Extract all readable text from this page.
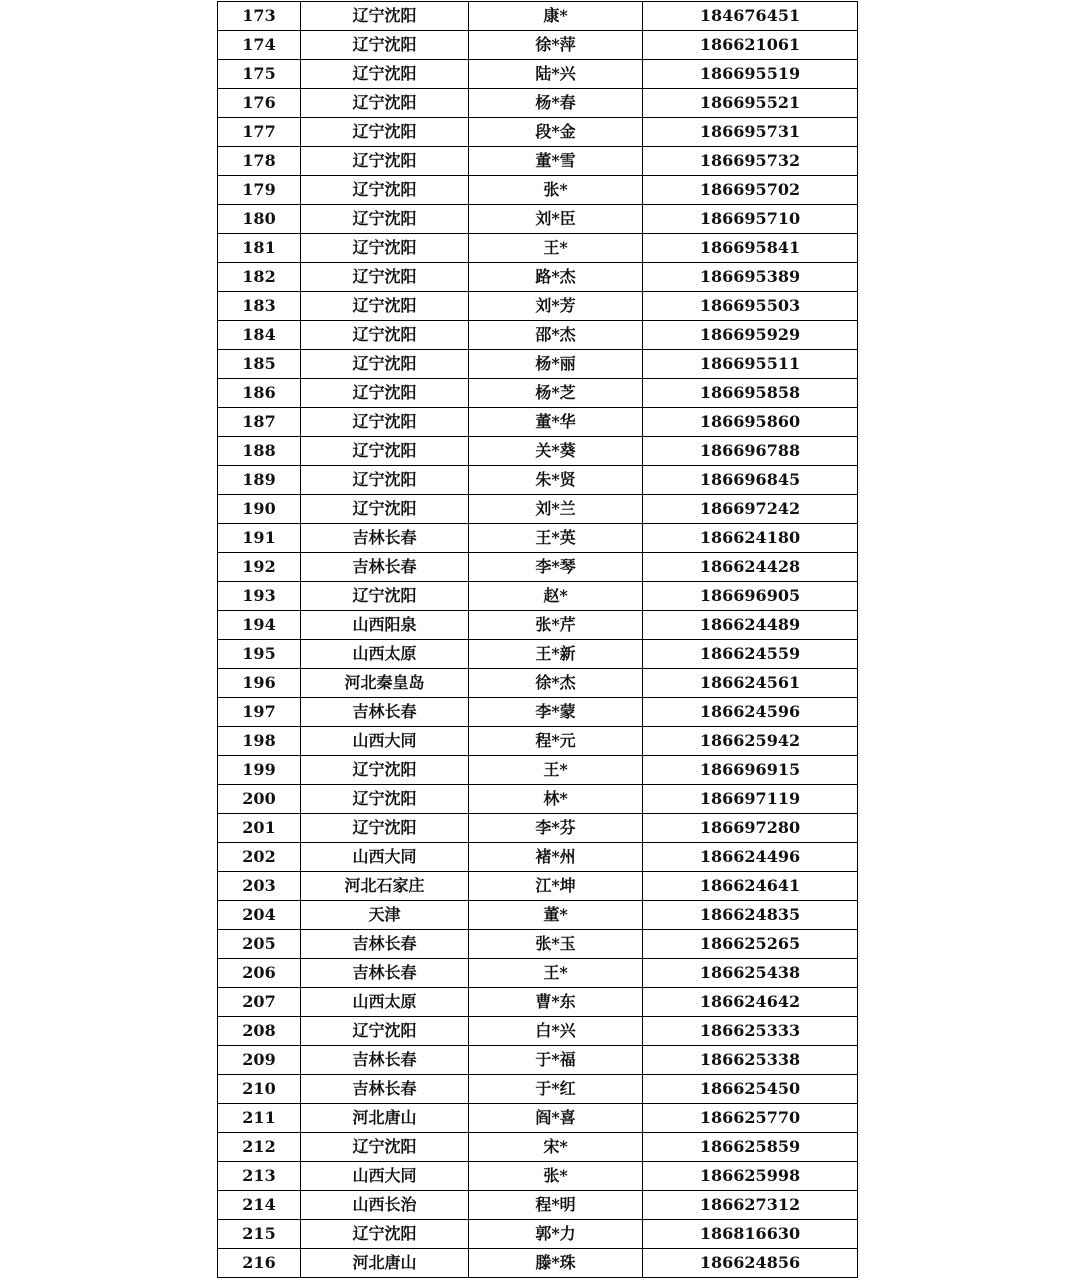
173	辽宁沈阳	康*	184676451
174	辽宁沈阳	徐*萍	186621061
175	辽宁沈阳	陆*兴	186695519
176	辽宁沈阳	杨*春	186695521
177	辽宁沈阳	段*金	186695731
178	辽宁沈阳	董*雪	186695732
179	辽宁沈阳	张*	186695702
180	辽宁沈阳	刘*臣	186695710
181	辽宁沈阳	王*	186695841
182	辽宁沈阳	路*杰	186695389
183	辽宁沈阳	刘*芳	186695503
184	辽宁沈阳	邵*杰	186695929
185	辽宁沈阳	杨*丽	186695511
186	辽宁沈阳	杨*芝	186695858
187	辽宁沈阳	董*华	186695860
188	辽宁沈阳	关*葵	186696788
189	辽宁沈阳	朱*贤	186696845
190	辽宁沈阳	刘*兰	186697242
191	吉林长春	王*英	186624180
192	吉林长春	李*琴	186624428
193	辽宁沈阳	赵*	186696905
194	山西阳泉	张*芹	186624489
195	山西太原	王*新	186624559
196	河北秦皇岛	徐*杰	186624561
197	吉林长春	李*蒙	186624596
198	山西大同	程*元	186625942
199	辽宁沈阳	王*	186696915
200	辽宁沈阳	林*	186697119
201	辽宁沈阳	李*芬	186697280
202	山西大同	褚*州	186624496
203	河北石家庄	江*坤	186624641
204	天津	董*	186624835
205	吉林长春	张*玉	186625265
206	吉林长春	王*	186625438
207	山西太原	曹*东	186624642
208	辽宁沈阳	白*兴	186625333
209	吉林长春	于*福	186625338
210	吉林长春	于*红	186625450
211	河北唐山	阎*喜	186625770
212	辽宁沈阳	宋*	186625859
213	山西大同	张*	186625998
214	山西长治	程*明	186627312
215	辽宁沈阳	郭*力	186816630
216	河北唐山	滕*珠	186624856
